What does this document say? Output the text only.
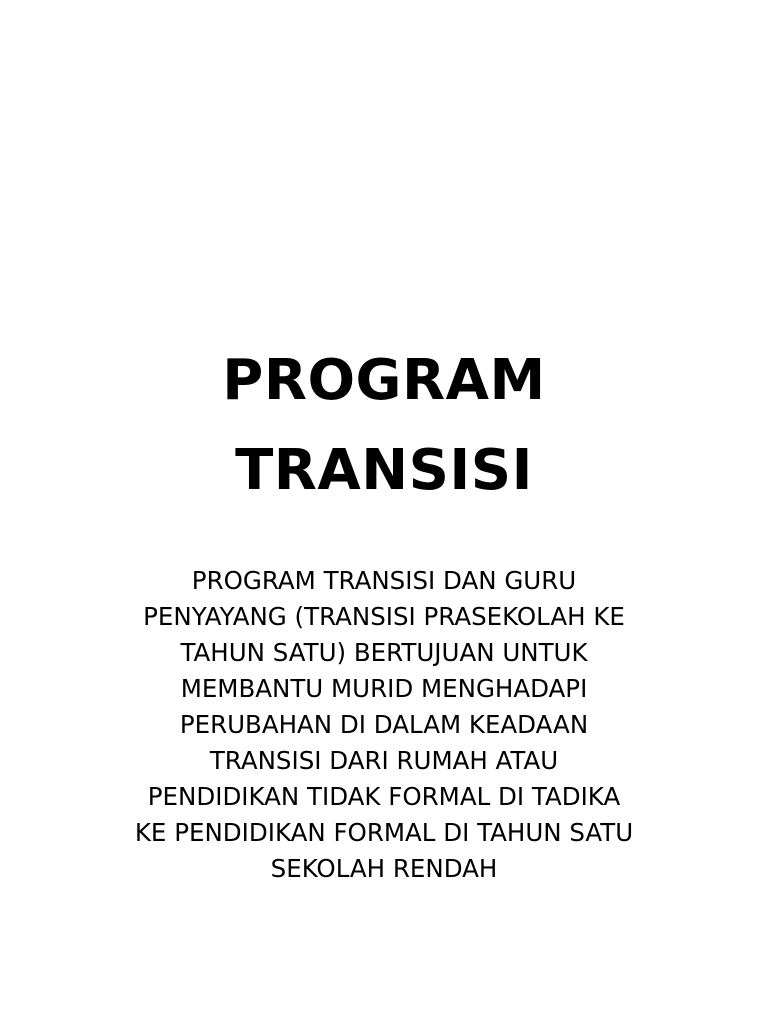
PROGRAM
TRANSISI
PROGRAM TRANSISI DAN GURU
PENYAYANG (TRANSISI PRASEKOLAH KE
TAHUN SATU) BERTUJUAN UNTUK
MEMBANTU MURID MENGHADAPI
PERUBAHAN DI DALAM KEADAAN
TRANSISI DARI RUMAH ATAU
PENDIDIKAN TIDAK FORMAL DI TADIKA
KE PENDIDIKAN FORMAL DI TAHUN SATU
SEKOLAH RENDAH
